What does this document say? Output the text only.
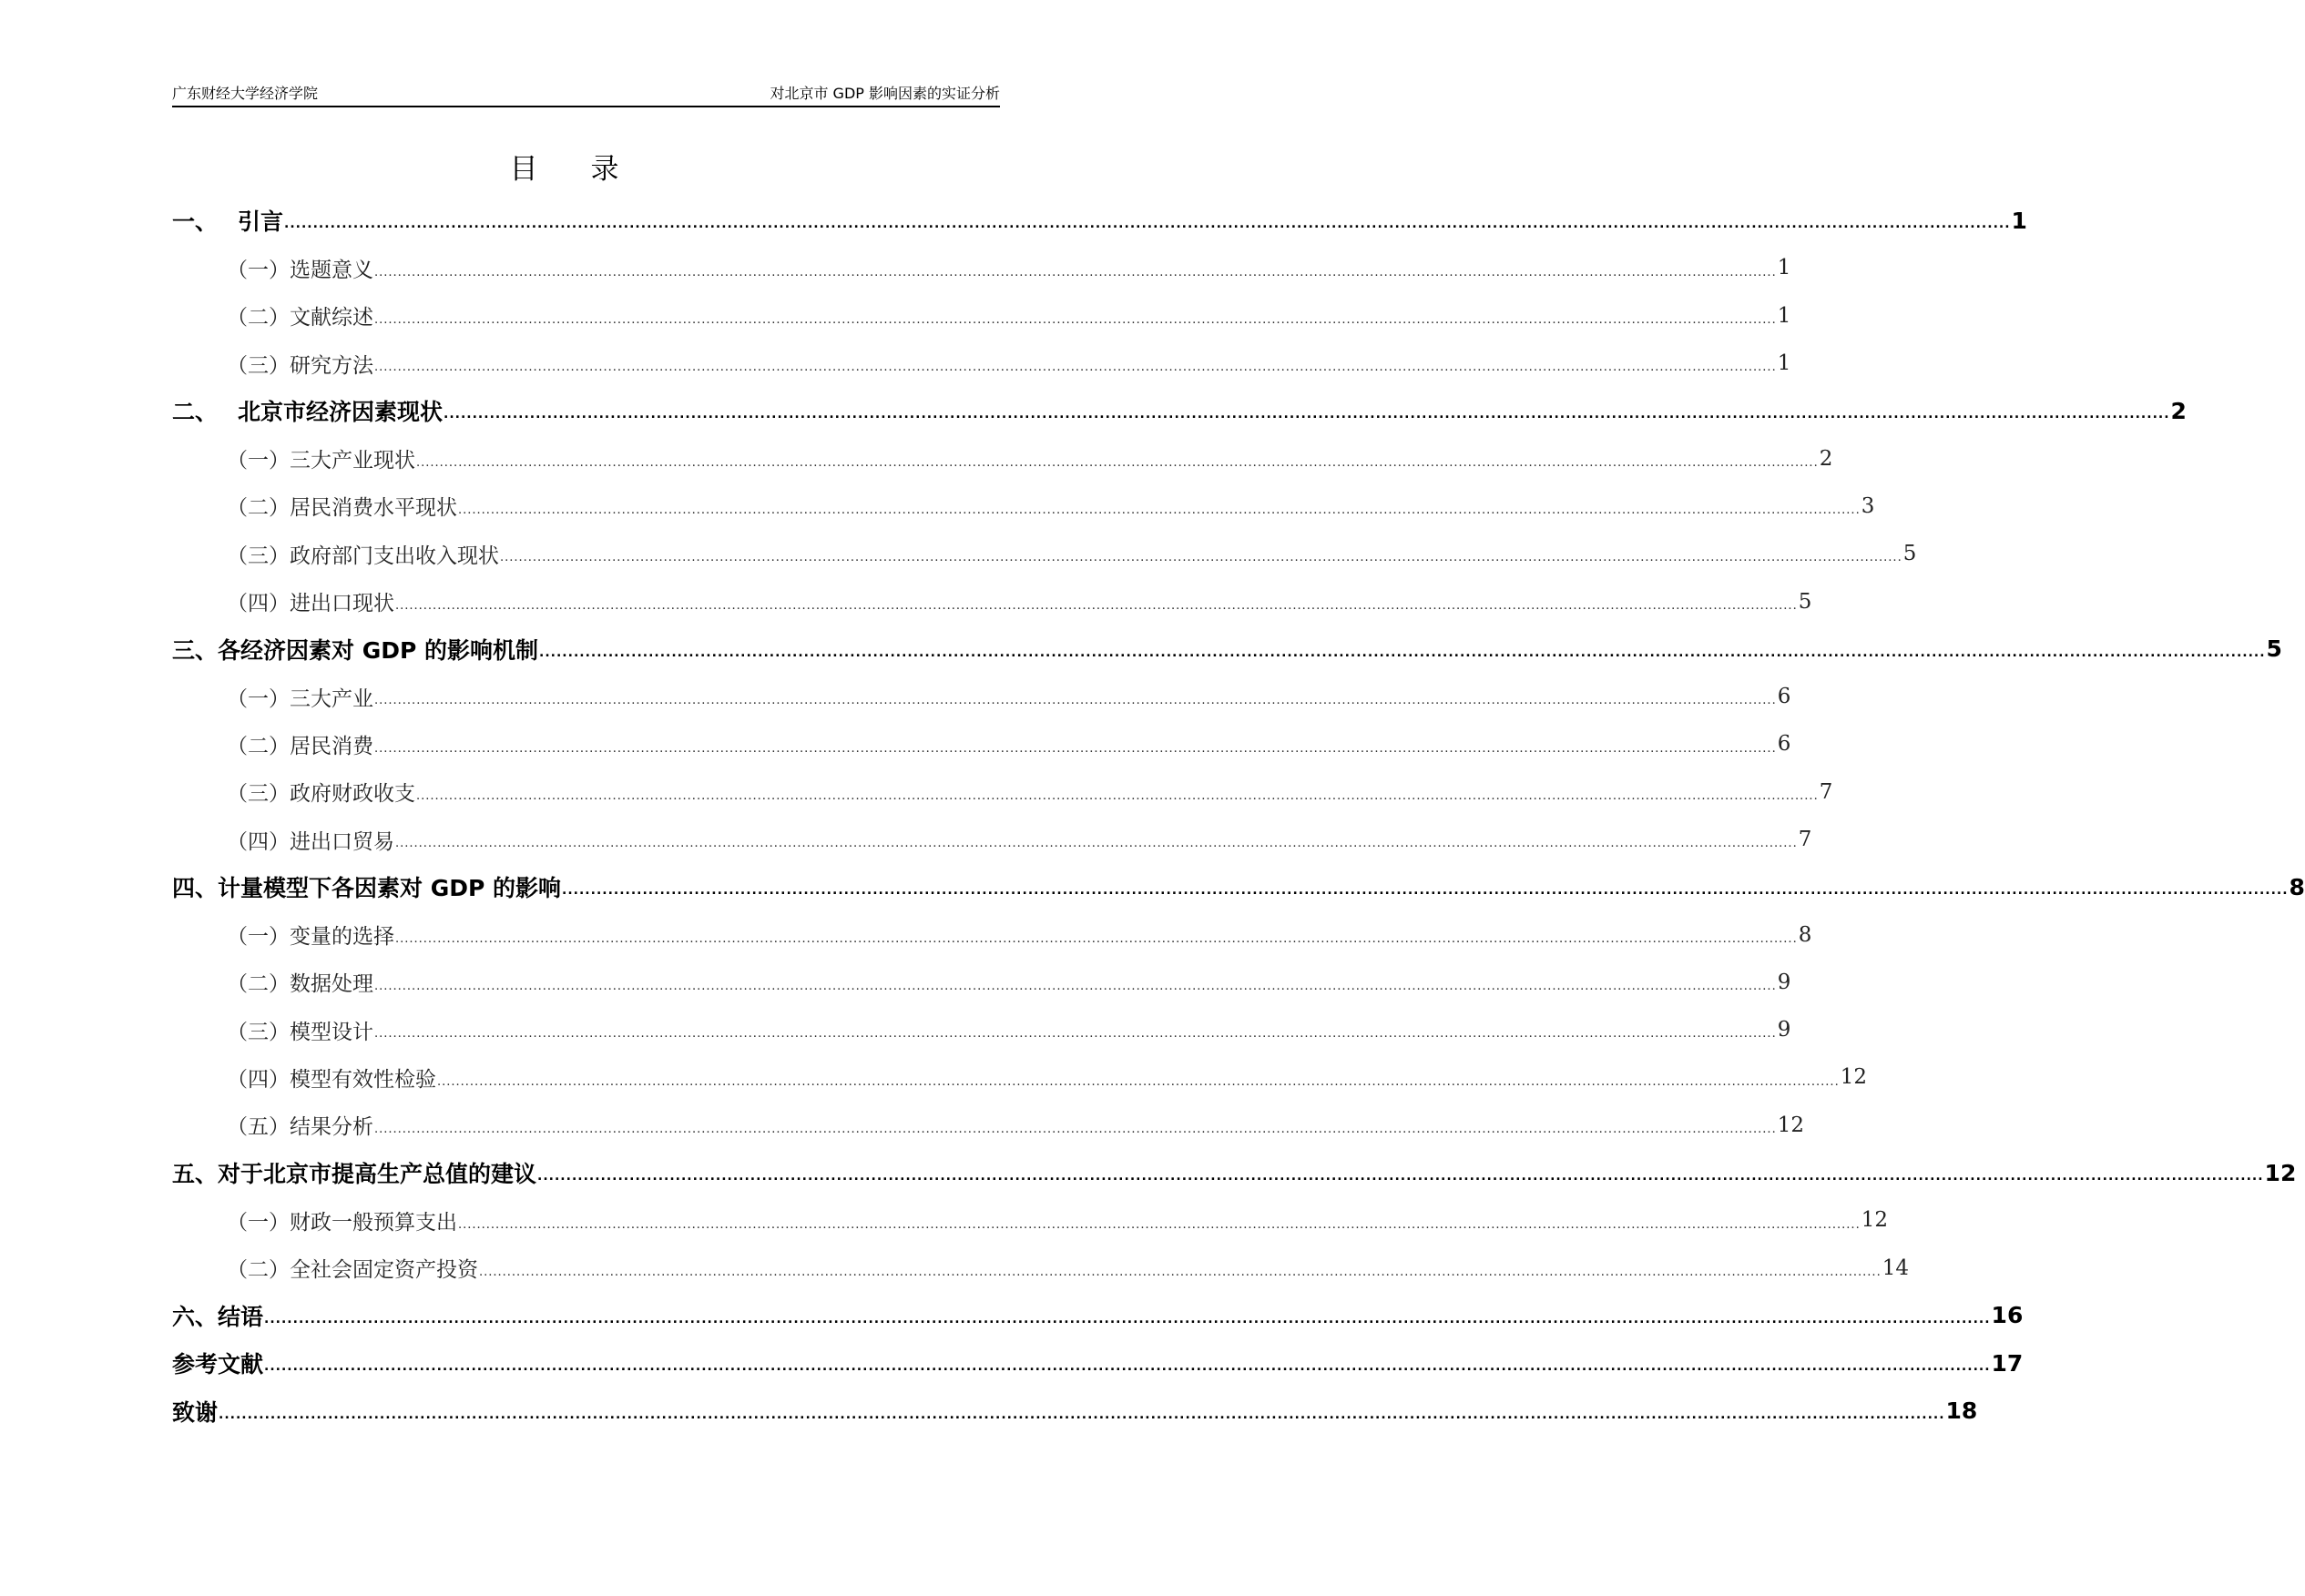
广东财经大学经济学院	对北京市 GDP 影响因素的实证分析
目录
一、 引言 ............................................................................................................................................................................................................................................................................................................ 1
（一）选题意义 ............................................................................................................................................................................................................................................................................................................ 1
（二）文献综述 ............................................................................................................................................................................................................................................................................................................ 1
（三）研究方法 ............................................................................................................................................................................................................................................................................................................ 1
二、 北京市经济因素现状 ............................................................................................................................................................................................................................................................................................................ 2
（一）三大产业现状 ............................................................................................................................................................................................................................................................................................................ 2
（二）居民消费水平现状 ............................................................................................................................................................................................................................................................................................................ 3
（三）政府部门支出收入现状 ............................................................................................................................................................................................................................................................................................................ 5
（四）进出口现状 ............................................................................................................................................................................................................................................................................................................ 5
三、各经济因素对 GDP 的影响机制 ............................................................................................................................................................................................................................................................................................................ 5
（一）三大产业 ............................................................................................................................................................................................................................................................................................................ 6
（二）居民消费 ............................................................................................................................................................................................................................................................................................................ 6
（三）政府财政收支 ............................................................................................................................................................................................................................................................................................................ 7
（四）进出口贸易 ............................................................................................................................................................................................................................................................................................................ 7
四、计量模型下各因素对 GDP 的影响 ............................................................................................................................................................................................................................................................................................................ 8
（一）变量的选择 ............................................................................................................................................................................................................................................................................................................ 8
（二）数据处理 ............................................................................................................................................................................................................................................................................................................ 9
（三）模型设计 ............................................................................................................................................................................................................................................................................................................ 9
（四）模型有效性检验 ............................................................................................................................................................................................................................................................................................................ 12
（五）结果分析 ............................................................................................................................................................................................................................................................................................................ 12
五、对于北京市提高生产总值的建议 ............................................................................................................................................................................................................................................................................................................ 12
（一）财政一般预算支出 ............................................................................................................................................................................................................................................................................................................ 12
（二）全社会固定资产投资 ............................................................................................................................................................................................................................................................................................................ 14
六、结语 ............................................................................................................................................................................................................................................................................................................ 16
参考文献 ............................................................................................................................................................................................................................................................................................................ 17
致谢 ............................................................................................................................................................................................................................................................................................................ 18
